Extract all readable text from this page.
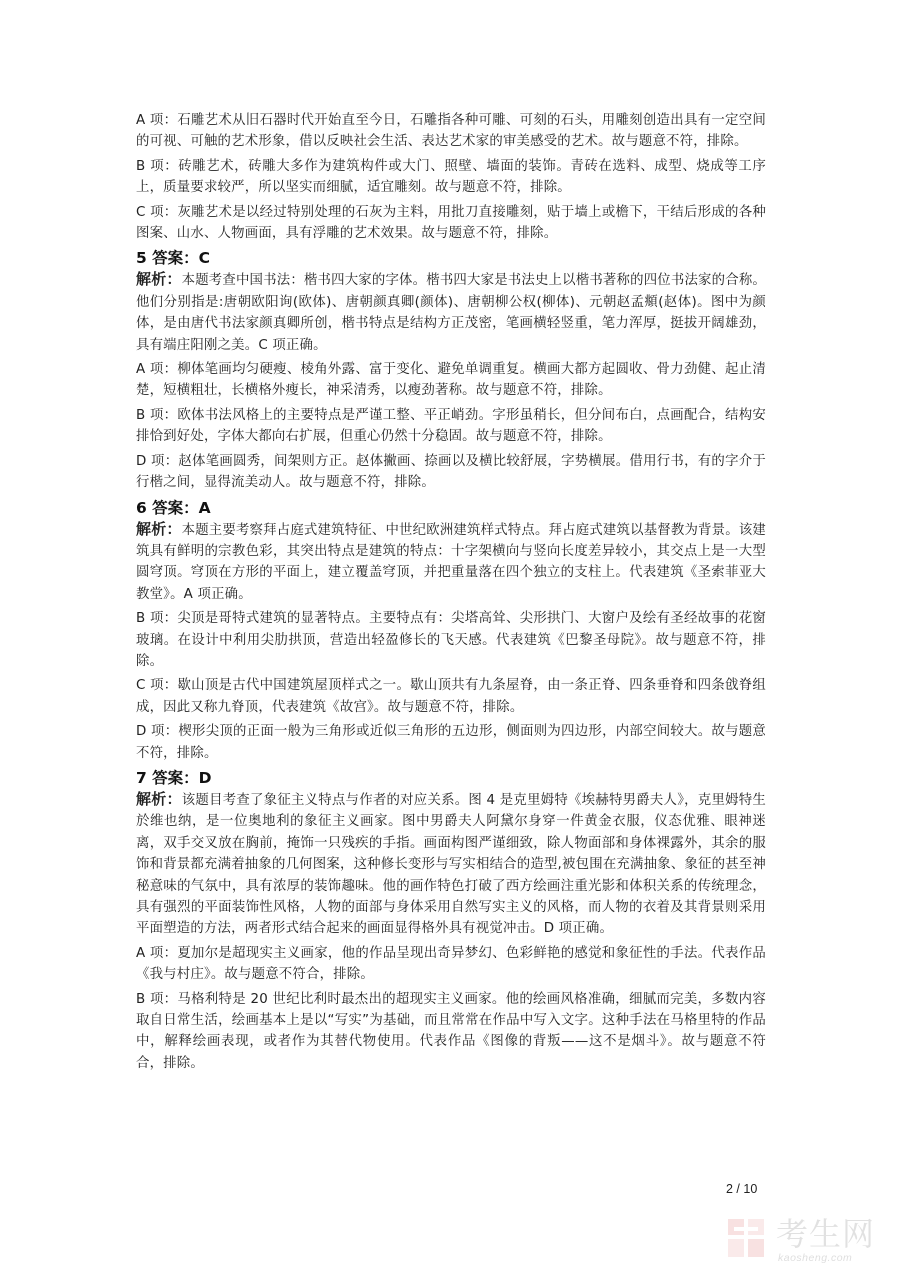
A 项：石雕艺术从旧石器时代开始直至今日，石雕指各种可雕、可刻的石头，用雕刻创造出具有一定空间的可视、可触的艺术形象，借以反映社会生活、表达艺术家的审美感受的艺术。故与题意不符，排除。

B 项：砖雕艺术，砖雕大多作为建筑构件或大门、照壁、墙面的装饰。青砖在选料、成型、烧成等工序上，质量要求较严，所以坚实而细腻，适宜雕刻。故与题意不符，排除。

C 项：灰雕艺术是以经过特别处理的石灰为主料，用批刀直接雕刻，贴于墙上或檐下，干结后形成的各种图案、山水、人物画面，具有浮雕的艺术效果。故与题意不符，排除。

5 答案：C

解析：本题考查中国书法：楷书四大家的字体。楷书四大家是书法史上以楷书著称的四位书法家的合称。他们分别指是:唐朝欧阳询(欧体)、唐朝颜真卿(颜体)、唐朝柳公权(柳体)、元朝赵孟頫(赵体)。图中为颜体，是由唐代书法家颜真卿所创，楷书特点是结构方正茂密，笔画横轻竖重，笔力浑厚，挺拔开阔雄劲，具有端庄阳刚之美。C 项正确。

A 项：柳体笔画均匀硬瘦、棱角外露、富于变化、避免单调重复。横画大都方起圆收、骨力劲健、起止清楚，短横粗壮，长横格外瘦长，神采清秀，以瘦劲著称。故与题意不符，排除。

B 项：欧体书法风格上的主要特点是严谨工整、平正峭劲。字形虽稍长，但分间布白，点画配合，结构安排恰到好处，字体大都向右扩展，但重心仍然十分稳固。故与题意不符，排除。

D 项：赵体笔画圆秀，间架则方正。赵体撇画、捺画以及横比较舒展，字势横展。借用行书，有的字介于行楷之间，显得流美动人。故与题意不符，排除。

6 答案：A

解析：本题主要考察拜占庭式建筑特征、中世纪欧洲建筑样式特点。拜占庭式建筑以基督教为背景。该建筑具有鲜明的宗教色彩，其突出特点是建筑的特点：十字架横向与竖向长度差异较小，其交点上是一大型圆穹顶。穹顶在方形的平面上，建立覆盖穹顶，并把重量落在四个独立的支柱上。代表建筑《圣索菲亚大教堂》。A 项正确。

B 项：尖顶是哥特式建筑的显著特点。主要特点有：尖塔高耸、尖形拱门、大窗户及绘有圣经故事的花窗玻璃。在设计中利用尖肋拱顶，营造出轻盈修长的飞天感。代表建筑《巴黎圣母院》。故与题意不符，排除。

C 项：歇山顶是古代中国建筑屋顶样式之一。歇山顶共有九条屋脊，由一条正脊、四条垂脊和四条戗脊组成，因此又称九脊顶，代表建筑《故宫》。故与题意不符，排除。

D 项：楔形尖顶的正面一般为三角形或近似三角形的五边形，侧面则为四边形，内部空间较大。故与题意不符，排除。

7 答案：D

解析：该题目考查了象征主义特点与作者的对应关系。图 4 是克里姆特《埃赫特男爵夫人》，克里姆特生於维也纳，是一位奥地利的象征主义画家。图中男爵夫人阿黛尔身穿一件黄金衣服，仪态优雅、眼神迷离，双手交叉放在胸前，掩饰一只残疾的手指。画面构图严谨细致，除人物面部和身体裸露外，其余的服饰和背景都充满着抽象的几何图案，这种修长变形与写实相结合的造型,被包围在充满抽象、象征的甚至神秘意味的气氛中，具有浓厚的装饰趣味。他的画作特色打破了西方绘画注重光影和体积关系的传统理念，具有强烈的平面装饰性风格，人物的面部与身体采用自然写实主义的风格，而人物的衣着及其背景则采用平面塑造的方法，两者形式结合起来的画面显得格外具有视觉冲击。D 项正确。

A 项：夏加尔是超现实主义画家，他的作品呈现出奇异梦幻、色彩鲜艳的感觉和象征性的手法。代表作品《我与村庄》。故与题意不符合，排除。

B 项：马格利特是 20 世纪比利时最杰出的超现实主义画家。他的绘画风格准确，细腻而完美，多数内容取自日常生活，绘画基本上是以“写实”为基础，而且常常在作品中写入文字。这种手法在马格里特的作品中，解释绘画表现，或者作为其替代物使用。代表作品《图像的背叛——这不是烟斗》。故与题意不符合，排除。

2 / 10
考生网
kaosheng.com
